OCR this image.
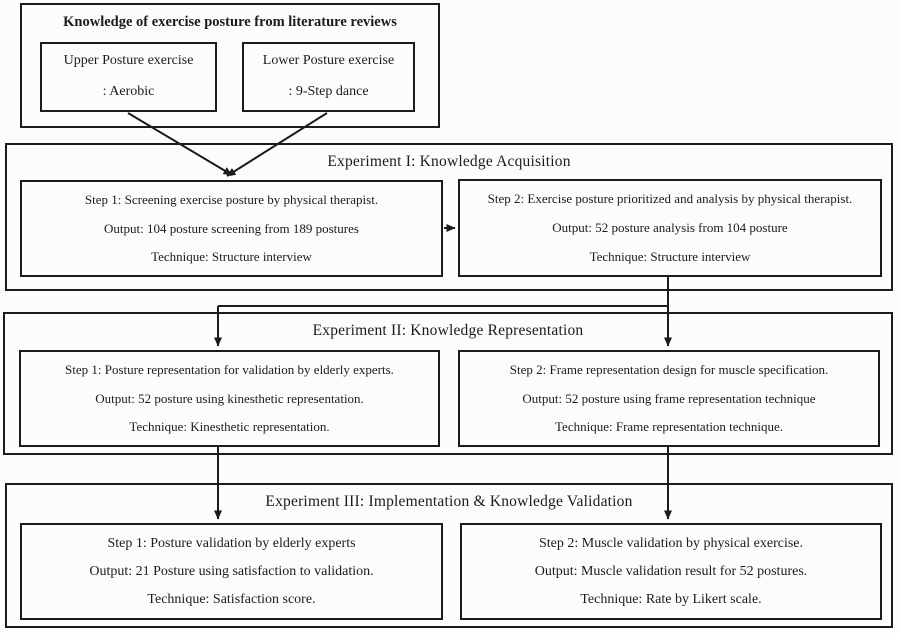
Knowledge of exercise posture from literature reviews
Upper Posture exercise
: Aerobic
Lower Posture exercise
: 9-Step dance
Experiment I: Knowledge Acquisition
Step 1: Screening exercise posture by physical therapist.
Output: 104 posture screening from 189 postures
Technique: Structure interview
Step 2: Exercise posture prioritized and analysis by physical therapist.
Output: 52 posture analysis from 104 posture
Technique: Structure interview
Experiment II: Knowledge Representation
Step 1: Posture representation for validation by elderly experts.
Output: 52 posture using kinesthetic representation.
Technique: Kinesthetic representation.
Step 2: Frame representation design for muscle specification.
Output: 52 posture using frame representation technique
Technique: Frame representation technique.
Experiment III: Implementation & Knowledge Validation
Step 1: Posture validation by elderly experts
Output: 21 Posture using satisfaction to validation.
Technique: Satisfaction score.
Step 2: Muscle validation by physical exercise.
Output: Muscle validation result for 52 postures.
Technique: Rate by Likert scale.
